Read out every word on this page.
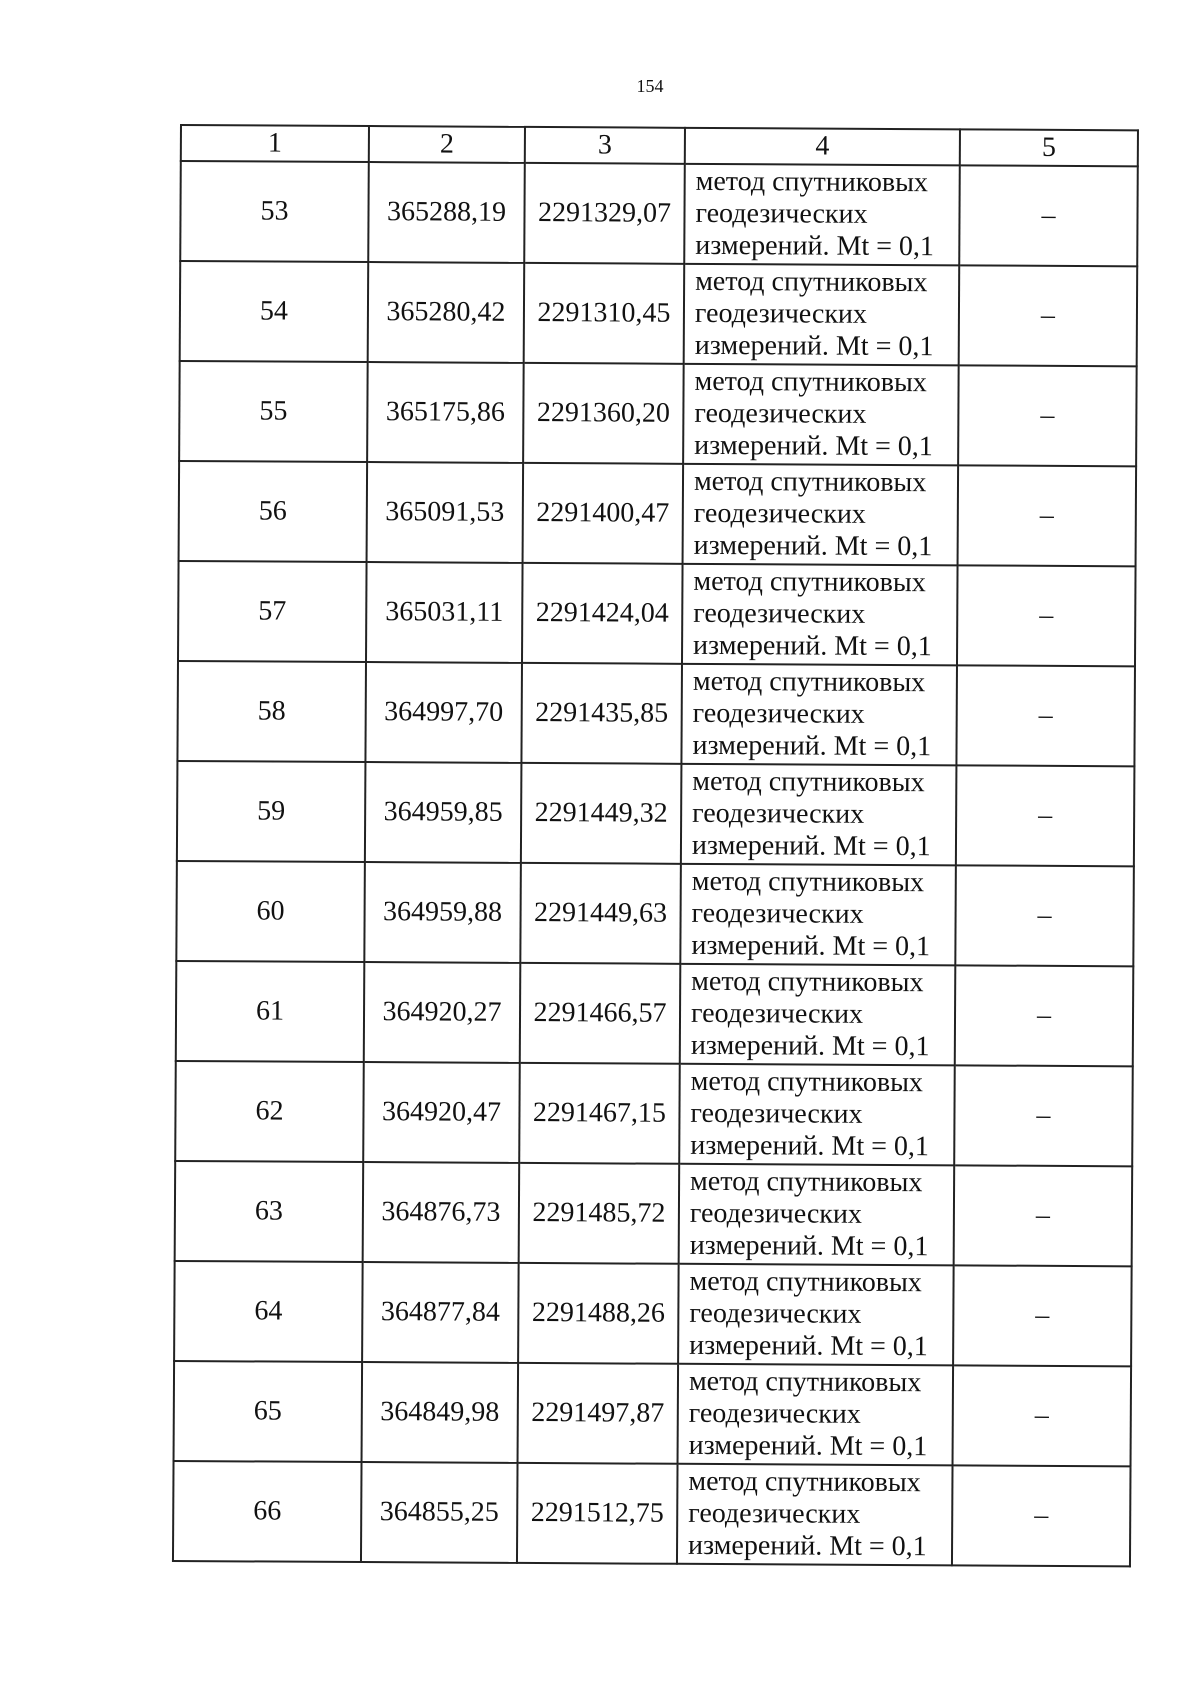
154
1	2	3	4	5
53	365288,19	2291329,07	метод спутниковых
геодезических
измерений. Mt = 0,1	–
54	365280,42	2291310,45	метод спутниковых
геодезических
измерений. Mt = 0,1	–
55	365175,86	2291360,20	метод спутниковых
геодезических
измерений. Mt = 0,1	–
56	365091,53	2291400,47	метод спутниковых
геодезических
измерений. Mt = 0,1	–
57	365031,11	2291424,04	метод спутниковых
геодезических
измерений. Mt = 0,1	–
58	364997,70	2291435,85	метод спутниковых
геодезических
измерений. Mt = 0,1	–
59	364959,85	2291449,32	метод спутниковых
геодезических
измерений. Mt = 0,1	–
60	364959,88	2291449,63	метод спутниковых
геодезических
измерений. Mt = 0,1	–
61	364920,27	2291466,57	метод спутниковых
геодезических
измерений. Mt = 0,1	–
62	364920,47	2291467,15	метод спутниковых
геодезических
измерений. Mt = 0,1	–
63	364876,73	2291485,72	метод спутниковых
геодезических
измерений. Mt = 0,1	–
64	364877,84	2291488,26	метод спутниковых
геодезических
измерений. Mt = 0,1	–
65	364849,98	2291497,87	метод спутниковых
геодезических
измерений. Mt = 0,1	–
66	364855,25	2291512,75	метод спутниковых
геодезических
измерений. Mt = 0,1	–
